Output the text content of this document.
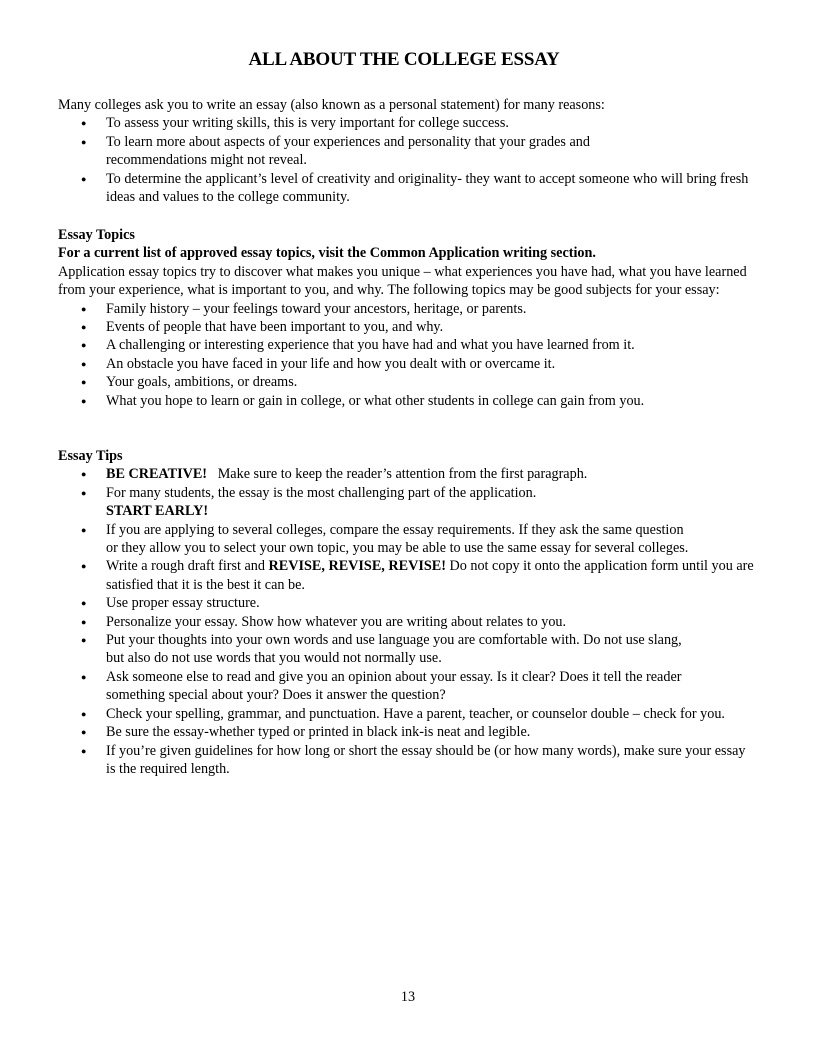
ALL ABOUT THE COLLEGE ESSAY

Many colleges ask you to write an essay (also known as a personal statement) for many reasons:

● To assess your writing skills, this is very important for college success.
● To learn more about aspects of your experiences and personality that your grades and recommendations might not reveal.
● To determine the applicant’s level of creativity and originality- they want to accept someone who will bring fresh ideas and values to the college community.
Essay Topics
For a current list of approved essay topics, visit the Common Application writing section.

Application essay topics try to discover what makes you unique – what experiences you have had, what you have learned from your experience, what is important to you, and why. The following topics may be good subjects for your essay:

● Family history – your feelings toward your ancestors, heritage, or parents.
● Events of people that have been important to you, and why.
● A challenging or interesting experience that you have had and what you have learned from it.
● An obstacle you have faced in your life and how you dealt with or overcame it.
● Your goals, ambitions, or dreams.
● What you hope to learn or gain in college, or what other students in college can gain from you.
Essay Tips
● BE CREATIVE! Make sure to keep the reader’s attention from the first paragraph.
● For many students, the essay is the most challenging part of the application.
START EARLY!
● If you are applying to several colleges, compare the essay requirements. If they ask the same question or they allow you to select your own topic, you may be able to use the same essay for several colleges.
● Write a rough draft first and REVISE, REVISE, REVISE! Do not copy it onto the application form until you are satisfied that it is the best it can be.
● Use proper essay structure.
● Personalize your essay. Show how whatever you are writing about relates to you.
● Put your thoughts into your own words and use language you are comfortable with. Do not use slang, but also do not use words that you would not normally use.
● Ask someone else to read and give you an opinion about your essay. Is it clear? Does it tell the reader something special about your? Does it answer the question?
● Check your spelling, grammar, and punctuation. Have a parent, teacher, or counselor double – check for you.
● Be sure the essay-whether typed or printed in black ink-is neat and legible.
● If you’re given guidelines for how long or short the essay should be (or how many words), make sure your essay is the required length.
13
